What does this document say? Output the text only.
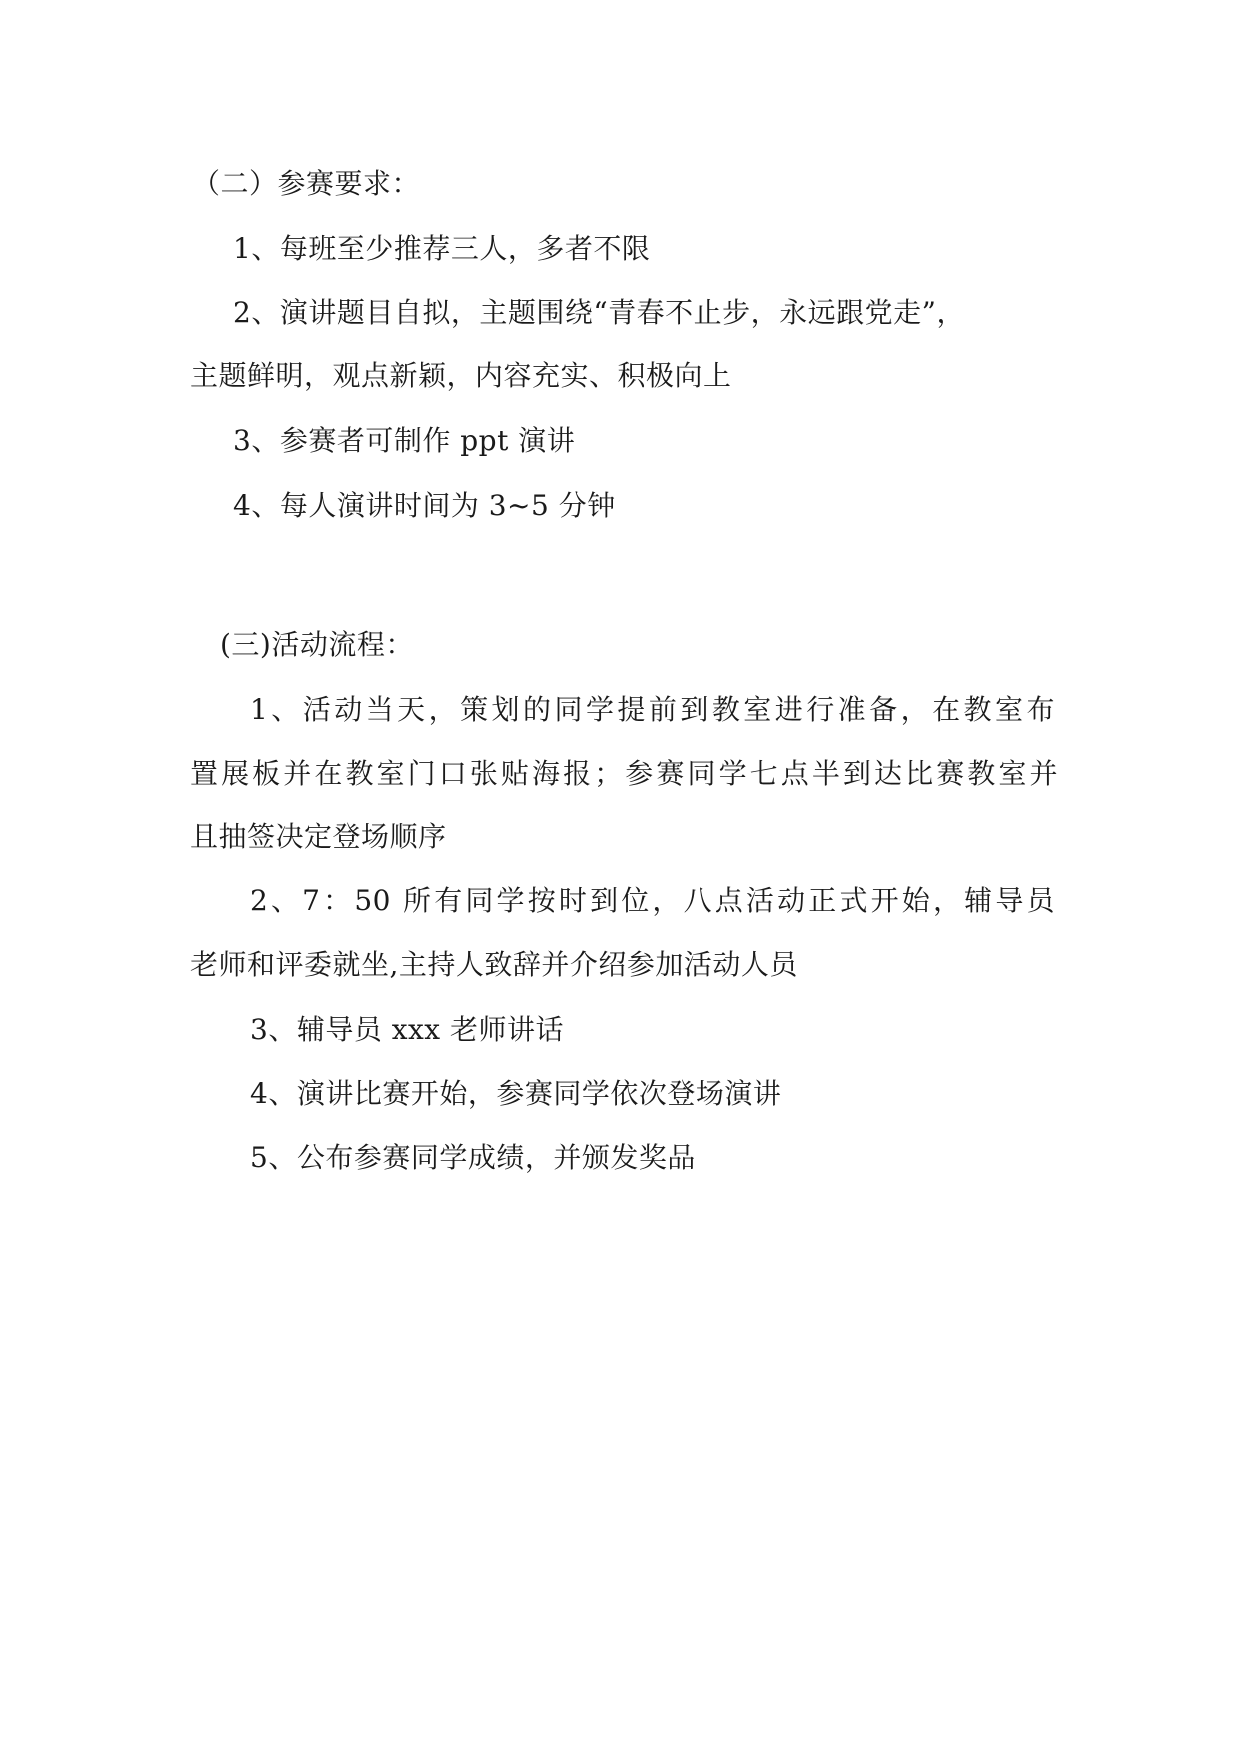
（二）参赛要求：
1、每班至少推荐三人，多者不限
2、演讲题目自拟，主题围绕“青春不止步，永远跟党走”，
主题鲜明，观点新颖，内容充实、积极向上
3、参赛者可制作 ppt 演讲
4、每人演讲时间为 3~5 分钟
(三)活动流程：
1、活动当天，策划的同学提前到教室进行准备，在教室布
置展板并在教室门口张贴海报；参赛同学七点半到达比赛教室并
且抽签决定登场顺序
2、7：50 所有同学按时到位，八点活动正式开始，辅导员
老师和评委就坐,主持人致辞并介绍参加活动人员
3、辅导员 xxx 老师讲话
4、演讲比赛开始，参赛同学依次登场演讲
5、公布参赛同学成绩，并颁发奖品
